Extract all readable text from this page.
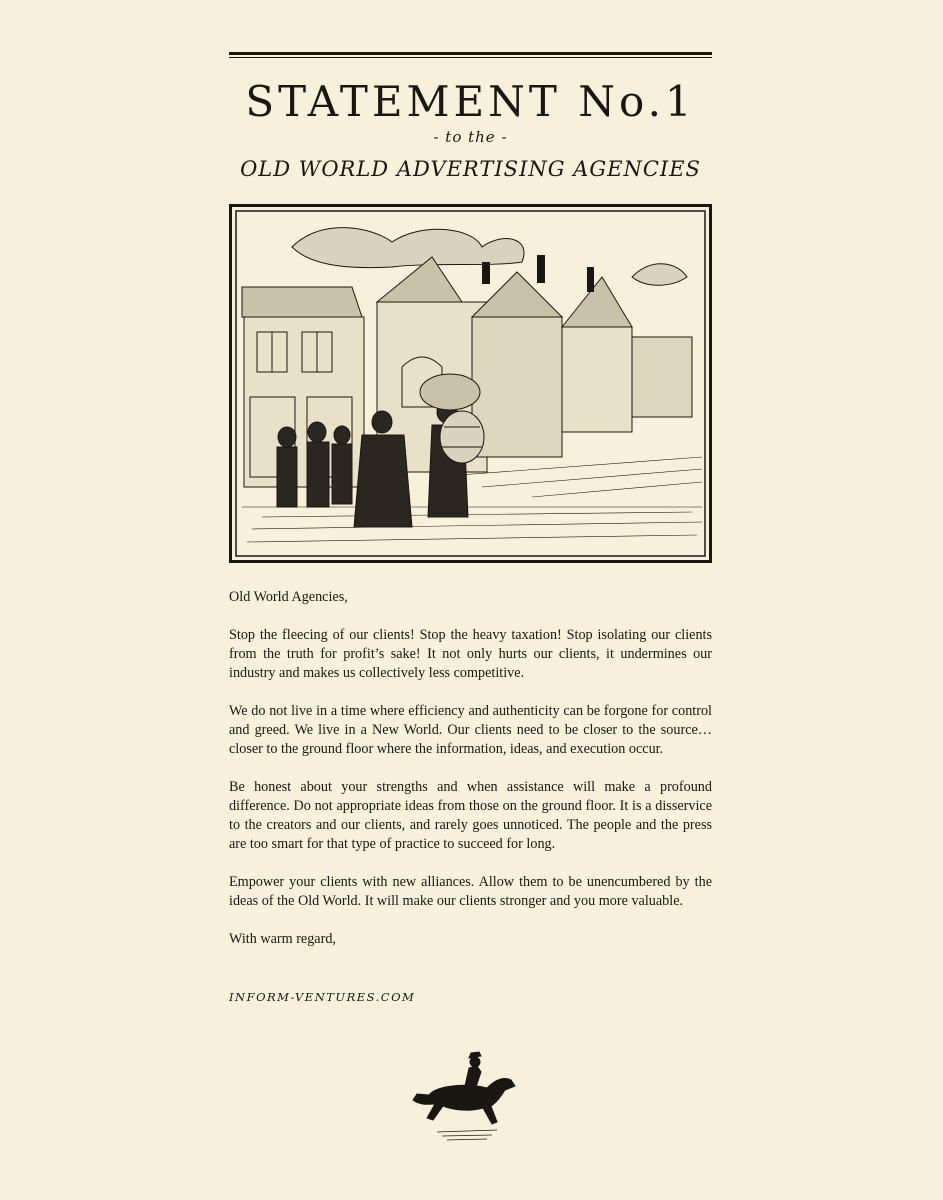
STATEMENT No.1
- to the -
OLD WORLD ADVERTISING AGENCIES

Old World Agencies,

Stop the fleecing of our clients! Stop the heavy taxation! Stop isolating our clients from the truth for profit’s sake! It not only hurts our clients, it undermines our industry and makes us collectively less competitive.

We do not live in a time where efficiency and authenticity can be forgone for control and greed. We live in a New World. Our clients need to be closer to the source… closer to the ground floor where the information, ideas, and execution occur.

Be honest about your strengths and when assistance will make a profound difference. Do not appropriate ideas from those on the ground floor. It is a disservice to the creators and our clients, and rarely goes unnoticed. The people and the press are too smart for that type of practice to succeed for long.

Empower your clients with new alliances. Allow them to be unencumbered by the ideas of the Old World. It will make our clients stronger and you more valuable.

With warm regard,

INFORM-VENTURES.COM
